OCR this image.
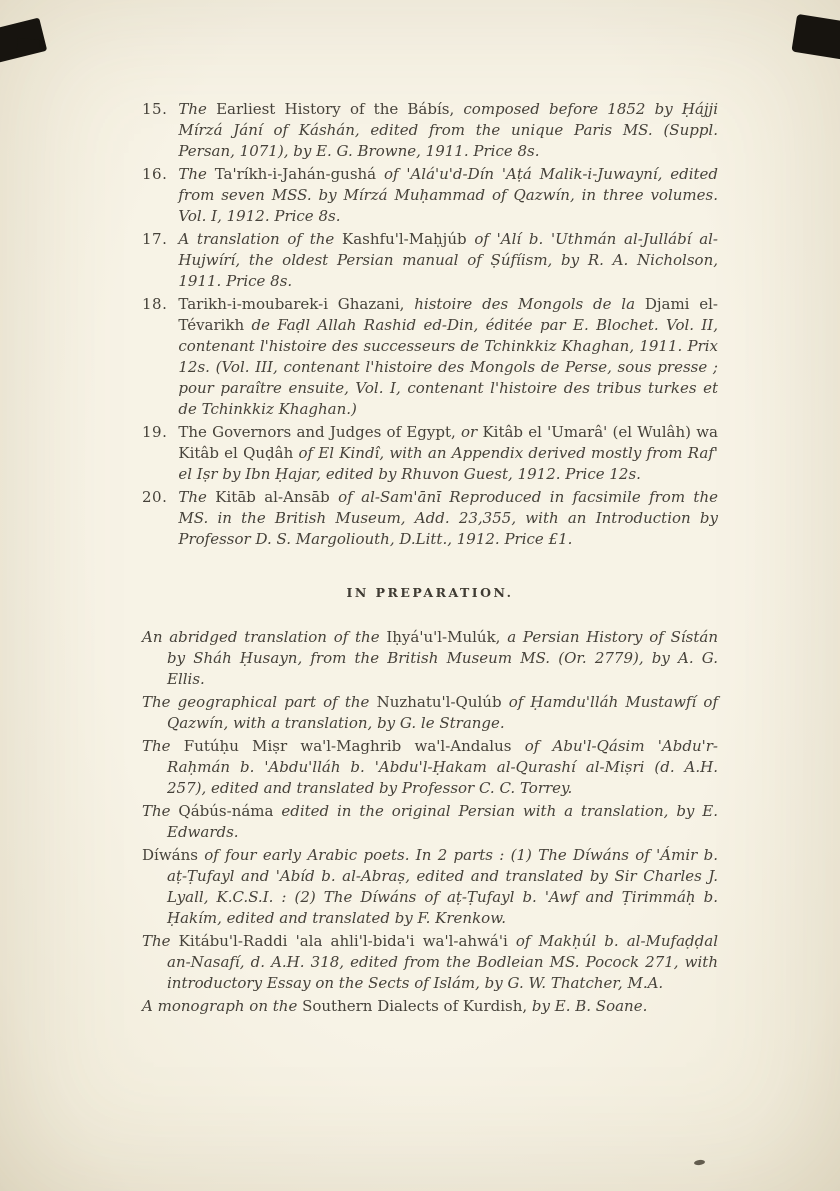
15. The Earliest History of the Bábís, composed before 1852 by Ḥájji Mírzá Jání of Káshán, edited from the unique Paris MS. (Suppl. Persan, 1071), by E. G. Browne, 1911. Price 8s.
16. The Ta'ríkh-i-Jahán-gushá of 'Alá'u'd-Dín 'Aṭá Malik-i-Juwayní, edited from seven MSS. by Mírzá Muḥammad of Qazwín, in three volumes. Vol. I, 1912. Price 8s.
17. A translation of the Kashfu'l-Maḥjúb of 'Alí b. 'Uthmán al-Jullábí al-Hujwírí, the oldest Persian manual of Ṣúfíism, by R. A. Nicholson, 1911. Price 8s.
18. Tarikh-i-moubarek-i Ghazani, histoire des Mongols de la Djami el-Tévarikh de Faḍl Allah Rashid ed-Din, éditée par E. Blochet. Vol. II, contenant l'histoire des successeurs de Tchinkkiz Khaghan, 1911. Prix 12s. (Vol. III, contenant l'histoire des Mongols de Perse, sous presse ; pour paraître ensuite, Vol. I, contenant l'histoire des tribus turkes et de Tchinkkiz Khaghan.)
19. The Governors and Judges of Egypt, or Kitâb el 'Umarâ' (el Wulâh) wa Kitâb el Quḍâh of El Kindî, with an Appendix derived mostly from Raf' el Iṣr by Ibn Ḥajar, edited by Rhuvon Guest, 1912. Price 12s.
20. The Kitāb al-Ansāb of al-Sam'ānī Reproduced in facsimile from the MS. in the British Museum, Add. 23,355, with an Introduction by Professor D. S. Margoliouth, D.Litt., 1912. Price £1.
IN PREPARATION.

An abridged translation of the Iḥyá'u'l-Mulúk, a Persian History of Sístán by Sháh Ḥusayn, from the British Museum MS. (Or. 2779), by A. G. Ellis.

The geographical part of the Nuzhatu'l-Qulúb of Ḥamdu'lláh Mustawfí of Qazwín, with a translation, by G. le Strange.

The Futúḥu Miṣr wa'l-Maghrib wa'l-Andalus of Abu'l-Qásim 'Abdu'r-Raḥmán b. 'Abdu'lláh b. 'Abdu'l-Ḥakam al-Qurashí al-Miṣri (d. A.H. 257), edited and translated by Professor C. C. Torrey.

The Qábús-náma edited in the original Persian with a translation, by E. Edwards.

Díwáns of four early Arabic poets. In 2 parts : (1) The Díwáns of 'Ámir b. aṭ-Ṭufayl and 'Abíd b. al-Abraṣ, edited and translated by Sir Charles J. Lyall, K.C.S.I. : (2) The Díwáns of aṭ-Ṭufayl b. 'Awf and Ṭirimmáḥ b. Ḥakím, edited and translated by F. Krenkow.

The Kitábu'l-Raddi 'ala ahli'l-bida'i wa'l-ahwá'i of Makḥúl b. al-Mufaḍḍal an-Nasafí, d. A.H. 318, edited from the Bodleian MS. Pocock 271, with introductory Essay on the Sects of Islám, by G. W. Thatcher, M.A.

A monograph on the Southern Dialects of Kurdish, by E. B. Soane.
